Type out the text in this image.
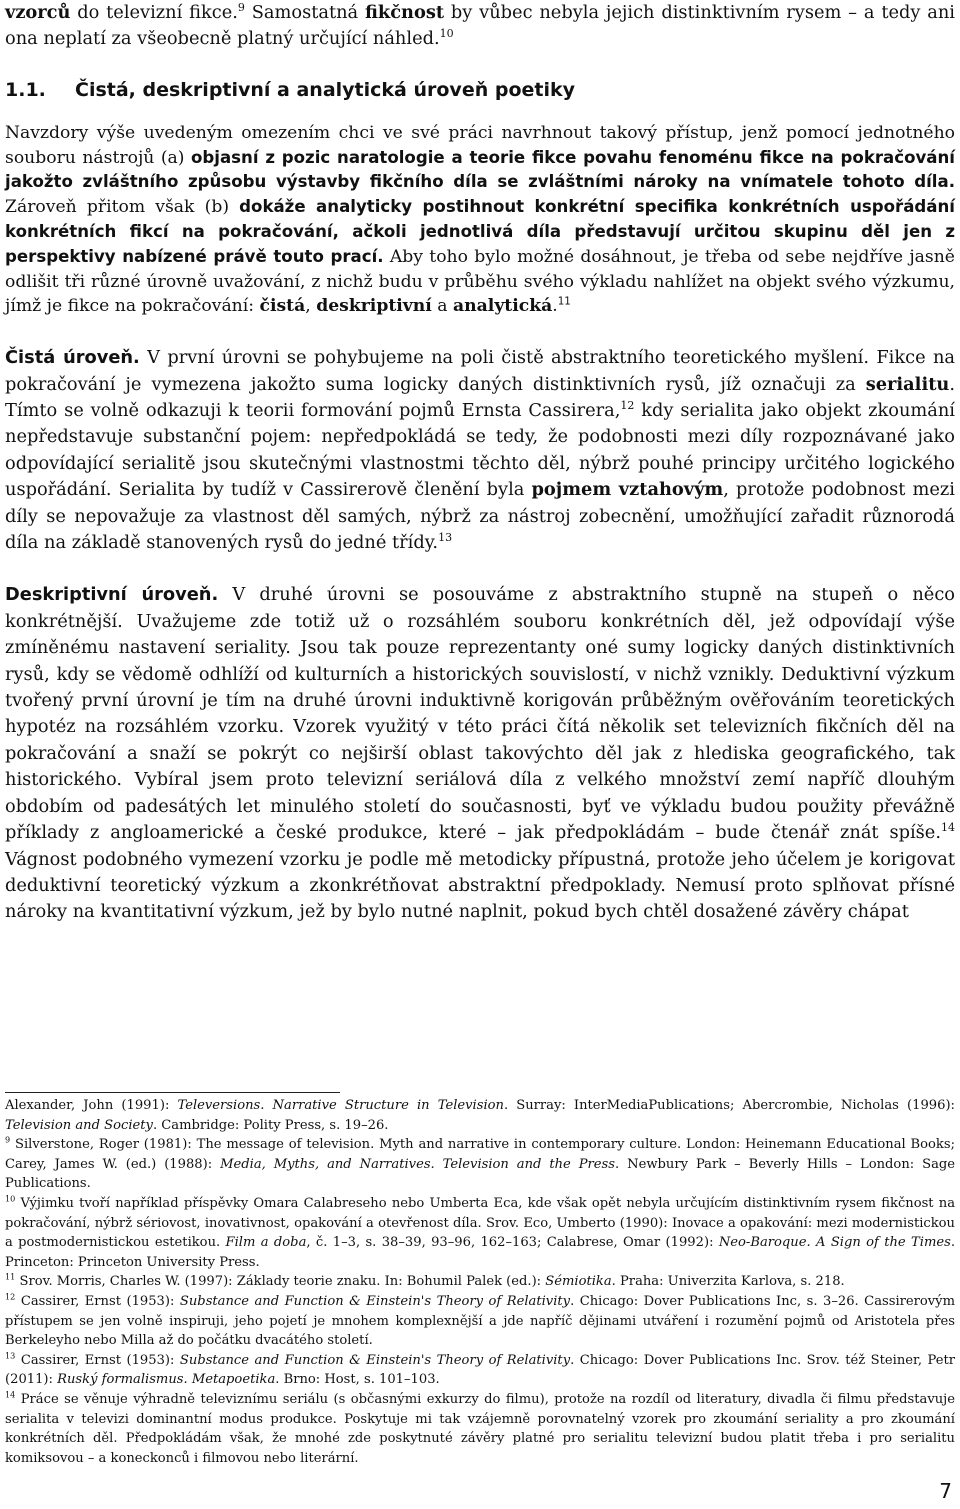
vzorců do televizní fikce.$^9$ Samostatná fikčnost by vůbec nebyla jejich distinktivním rysem – a tedy ani ona neplatí za všeobecně platný určující náhled.$^{10}$

1.1. Čistá, deskriptivní a analytická úroveň poetiky

Navzdory výše uvedeným omezením chci ve své práci navrhnout takový přístup, jenž pomocí jednotného souboru nástrojů (a) objasní z pozic naratologie a teorie fikce povahu fenoménu fikce na pokračování jakožto zvláštního způsobu výstavby fikčního díla se zvláštními nároky na vnímatele tohoto díla. Zároveň přitom však (b) dokáže analyticky postihnout konkrétní specifika konkrétních uspořádání konkrétních fikcí na pokračování, ačkoli jednotlivá díla představují určitou skupinu děl jen z perspektivy nabízené právě touto prací. Aby toho bylo možné dosáhnout, je třeba od sebe nejdříve jasně odlišit tři různé úrovně uvažování, z nichž budu v průběhu svého výkladu nahlížet na objekt svého výzkumu, jímž je fikce na pokračování: čistá, deskriptivní a analytická.$^{11}$

Čistá úroveň. V první úrovni se pohybujeme na poli čistě abstraktního teoretického myšlení. Fikce na pokračování je vymezena jakožto suma logicky daných distinktivních rysů, jíž označuji za serialitu. Tímto se volně odkazuji k teorii formování pojmů Ernsta Cassirera,$^{12}$ kdy serialita jako objekt zkoumání nepředstavuje substanční pojem: nepředpokládá se tedy, že podobnosti mezi díly rozpoznávané jako odpovídající serialitě jsou skutečnými vlastnostmi těchto děl, nýbrž pouhé principy určitého logického uspořádání. Serialita by tudíž v Cassirerově členění byla pojmem vztahovým, protože podobnost mezi díly se nepovažuje za vlastnost děl samých, nýbrž za nástroj zobecnění, umožňující zařadit různorodá díla na základě stanovených rysů do jedné třídy.$^{13}$

Deskriptivní úroveň. V druhé úrovni se posouváme z abstraktního stupně na stupeň o něco konkrétnější. Uvažujeme zde totiž už o rozsáhlém souboru konkrétních děl, jež odpovídají výše zmíněnému nastavení seriality. Jsou tak pouze reprezentanty oné sumy logicky daných distinktivních rysů, kdy se vědomě odhlíží od kulturních a historických souvislostí, v nichž vznikly. Deduktivní výzkum tvořený první úrovní je tím na druhé úrovni induktivně korigován průběžným ověřováním teoretických hypotéz na rozsáhlém vzorku. Vzorek využitý v této práci čítá několik set televizních fikčních děl na pokračování a snaží se pokrýt co nejširší oblast takovýchto děl jak z hlediska geografického, tak historického. Vybíral jsem proto televizní seriálová díla z velkého množství zemí napříč dlouhým obdobím od padesátých let minulého století do současnosti, byť ve výkladu budou použity převážně příklady z angloamerické a české produkce, které – jak předpokládám – bude čtenář znát spíše.$^{14}$ Vágnost podobného vymezení vzorku je podle mě metodicky přípustná, protože jeho účelem je korigovat deduktivní teoretický výzkum a zkonkrétňovat abstraktní předpoklady. Nemusí proto splňovat přísné nároky na kvantitativní výzkum, jež by bylo nutné naplnit, pokud bych chtěl dosažené závěry chápat

Alexander, John (1991): Televersions. Narrative Structure in Television. Surray: InterMediaPublications; Abercrombie, Nicholas (1996): Television and Society. Cambridge: Polity Press, s. 19–26.

$^9$ Silverstone, Roger (1981): The message of television. Myth and narrative in contemporary culture. London: Heinemann Educational Books; Carey, James W. (ed.) (1988): Media, Myths, and Narratives. Television and the Press. Newbury Park – Beverly Hills – London: Sage Publications.

$^{10}$ Výjimku tvoří například příspěvky Omara Calabreseho nebo Umberta Eca, kde však opět nebyla určujícím distinktivním rysem fikčnost na pokračování, nýbrž sériovost, inovativnost, opakování a otevřenost díla. Srov. Eco, Umberto (1990): Inovace a opakování: mezi modernistickou a postmodernistickou estetikou. Film a doba, č. 1–3, s. 38–39, 93–96, 162–163; Calabrese, Omar (1992): Neo-Baroque. A Sign of the Times. Princeton: Princeton University Press.

$^{11}$ Srov. Morris, Charles W. (1997): Základy teorie znaku. In: Bohumil Palek (ed.): Sémiotika. Praha: Univerzita Karlova, s. 218.

$^{12}$ Cassirer, Ernst (1953): Substance and Function & Einstein's Theory of Relativity. Chicago: Dover Publications Inc, s. 3–26. Cassirerovým přístupem se jen volně inspiruji, jeho pojetí je mnohem komplexnější a jde napříč dějinami utváření i rozumění pojmů od Aristotela přes Berkeleyho nebo Milla až do počátku dvacátého století.

$^{13}$ Cassirer, Ernst (1953): Substance and Function & Einstein's Theory of Relativity. Chicago: Dover Publications Inc. Srov. též Steiner, Petr (2011): Ruský formalismus. Metapoetika. Brno: Host, s. 101–103.

$^{14}$ Práce se věnuje výhradně televiznímu seriálu (s občasnými exkurzy do filmu), protože na rozdíl od literatury, divadla či filmu představuje serialita v televizi dominantní modus produkce. Poskytuje mi tak vzájemně porovnatelný vzorek pro zkoumání seriality a pro zkoumání konkrétních děl. Předpokládám však, že mnohé zde poskytnuté závěry platné pro serialitu televizní budou platit třeba i pro serialitu komiksovou – a koneckonců i filmovou nebo literární.

7
